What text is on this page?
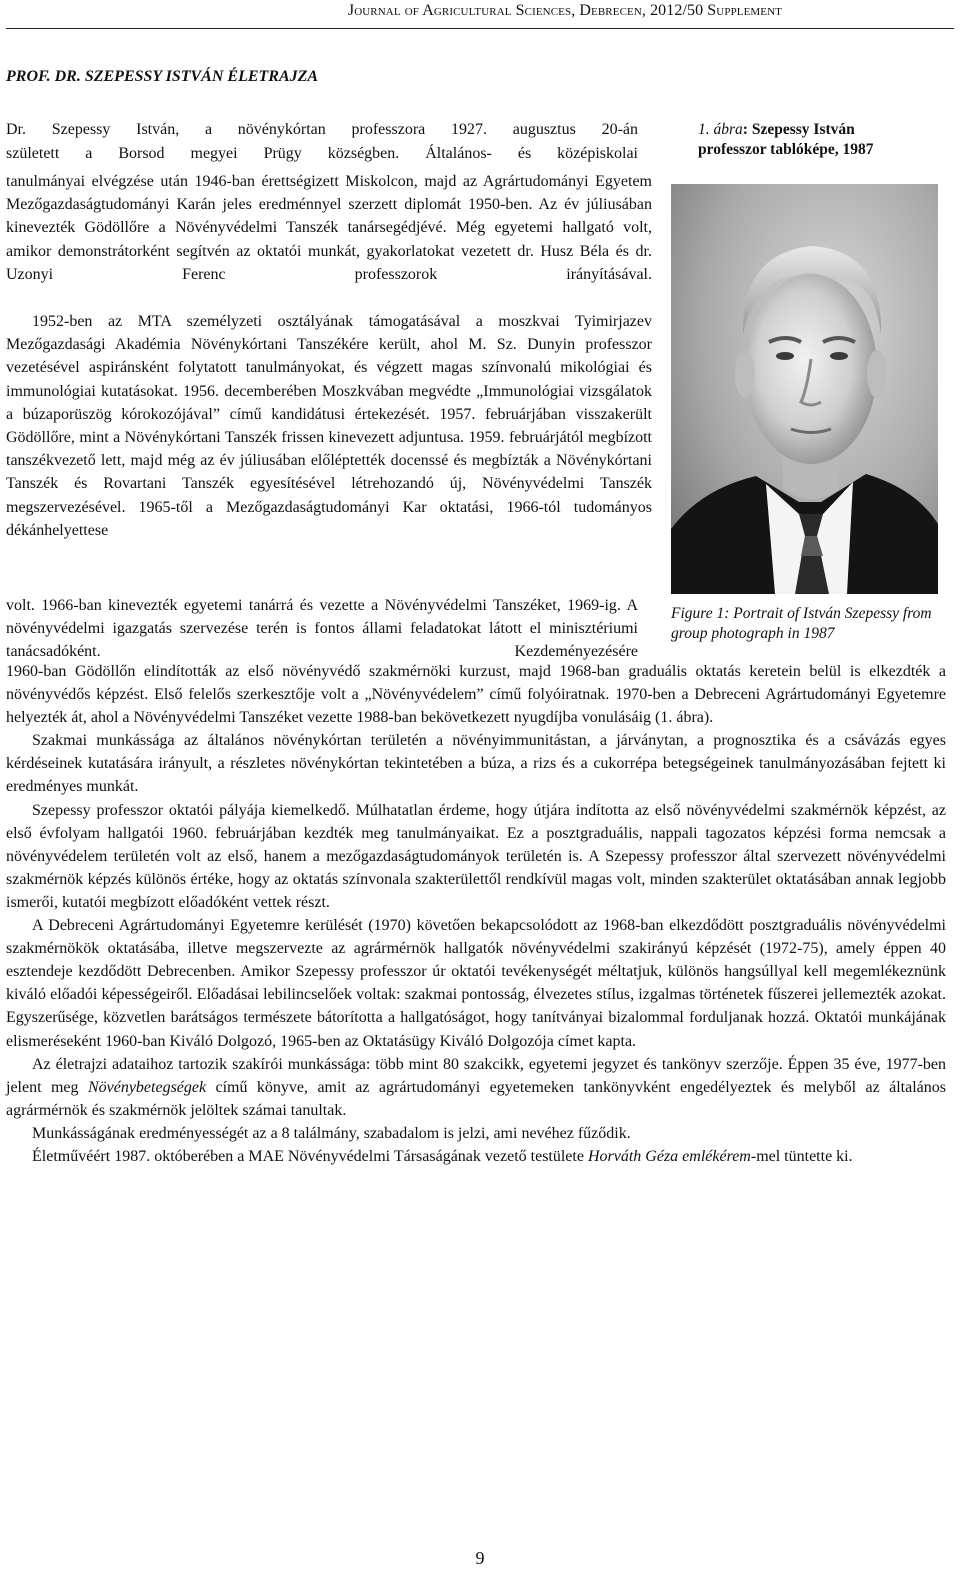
Journal of Agricultural Sciences, Debrecen, 2012/50 Supplement
PROF. DR. SZEPESSY ISTVÁN ÉLETRAJZA

Dr. Szepessy István, a növénykórtan professzora 1927. augusztus 20-án

született a Borsod megyei Prügy községben. Általános- és középiskolai

tanulmányai elvégzése után 1946-ban érettségizett Miskolcon, majd az Agrártudományi Egyetem Mezőgazdaságtudományi Karán jeles eredménnyel szerzett diplomát 1950-ben. Az év júliusában kinevezték Gödöllőre a Növényvédelmi Tanszék tanársegédjévé. Még egyetemi hallgató volt, amikor demonstrátorként segítvén az oktatói munkát, gyakorlatokat vezetett dr. Husz Béla és dr. Uzonyi Ferenc professzorok irányításával.

1952-ben az MTA személyzeti osztályának támogatásával a moszkvai Tyimirjazev Mezőgazdasági Akadémia Növénykórtani Tanszékére került, ahol M. Sz. Dunyin professzor vezetésével aspiránsként folytatott tanulmányokat, és végzett magas színvonalú mikológiai és immunológiai kutatásokat. 1956. decemberében Moszkvában megvédte „Immunológiai vizsgálatok a búzaporüszög kórokozójával” című kandidátusi értekezését. 1957. februárjában visszakerült Gödöllőre, mint a Növénykórtani Tanszék frissen kinevezett adjuntusa. 1959. februárjától megbízott tanszékvezető lett, majd még az év júliusában előléptették docenssé és megbízták a Növénykórtani Tanszék és Rovartani Tanszék egyesítésével létrehozandó új, Növényvédelmi Tanszék megszervezésével. 1965-től a Mezőgazdaságtudományi Kar oktatási, 1966-tól tudományos dékánhelyettese

volt. 1966-ban kinevezték egyetemi tanárrá és vezette a Növényvédelmi Tanszéket, 1969-ig. A növényvédelmi igazgatás szervezése terén is fontos állami feladatokat látott el minisztériumi tanácsadóként. Kezdeményezésére

1. ábra: Szepessy István professzor tablóképe, 1987

Figure 1: Portrait of István Szepessy from group photograph in 1987

1960-ban Gödöllőn elindították az első növényvédő szakmérnöki kurzust, majd 1968-ban graduális oktatás keretein belül is elkezdték a növényvédős képzést. Első felelős szerkesztője volt a „Növényvédelem” című folyóiratnak. 1970-ben a Debreceni Agrártudományi Egyetemre helyezték át, ahol a Növényvédelmi Tanszéket vezette 1988-ban bekövetkezett nyugdíjba vonulásáig (1. ábra).

Szakmai munkássága az általános növénykórtan területén a növényimmunitástan, a járványtan, a prognosztika és a csávázás egyes kérdéseinek kutatására irányult, a részletes növénykórtan tekintetében a búza, a rizs és a cukorrépa betegségeinek tanulmányozásában fejtett ki eredményes munkát.

Szepessy professzor oktatói pályája kiemelkedő. Múlhatatlan érdeme, hogy útjára indította az első növényvédelmi szakmérnök képzést, az első évfolyam hallgatói 1960. februárjában kezdték meg tanulmányaikat. Ez a posztgraduális, nappali tagozatos képzési forma nemcsak a növényvédelem területén volt az első, hanem a mezőgazdaságtudományok területén is. A Szepessy professzor által szervezett növényvédelmi szakmérnök képzés különös értéke, hogy az oktatás színvonala szakterülettől rendkívül magas volt, minden szakterület oktatásában annak legjobb ismerői, kutatói megbízott előadóként vettek részt.

A Debreceni Agrártudományi Egyetemre kerülését (1970) követően bekapcsolódott az 1968-ban elkezdődött posztgraduális növényvédelmi szakmérnökök oktatásába, illetve megszervezte az agrármérnök hallgatók növényvédelmi szakirányú képzését (1972-75), amely éppen 40 esztendeje kezdődött Debrecenben. Amikor Szepessy professzor úr oktatói tevékenységét méltatjuk, különös hangsúllyal kell megemlékeznünk kiváló előadói képességeiről. Előadásai lebilincselőek voltak: szakmai pontosság, élvezetes stílus, izgalmas történetek fűszerei jellemezték azokat. Egyszerűsége, közvetlen barátságos természete bátorította a hallgatóságot, hogy tanítványai bizalommal forduljanak hozzá. Oktatói munkájának elismeréseként 1960-ban Kiváló Dolgozó, 1965-ben az Oktatásügy Kiváló Dolgozója címet kapta.

Az életrajzi adataihoz tartozik szakírói munkássága: több mint 80 szakcikk, egyetemi jegyzet és tankönyv szerzője. Éppen 35 éve, 1977-ben jelent meg Növénybetegségek című könyve, amit az agrártudományi egyetemeken tankönyvként engedélyeztek és melyből az általános agrármérnök és szakmérnök jelöltek számai tanultak.

Munkásságának eredményességét az a 8 találmány, szabadalom is jelzi, ami nevéhez fűződik.

Életművéért 1987. októberében a MAE Növényvédelmi Társaságának vezető testülete Horváth Géza emlékérem-mel tüntette ki.

9
